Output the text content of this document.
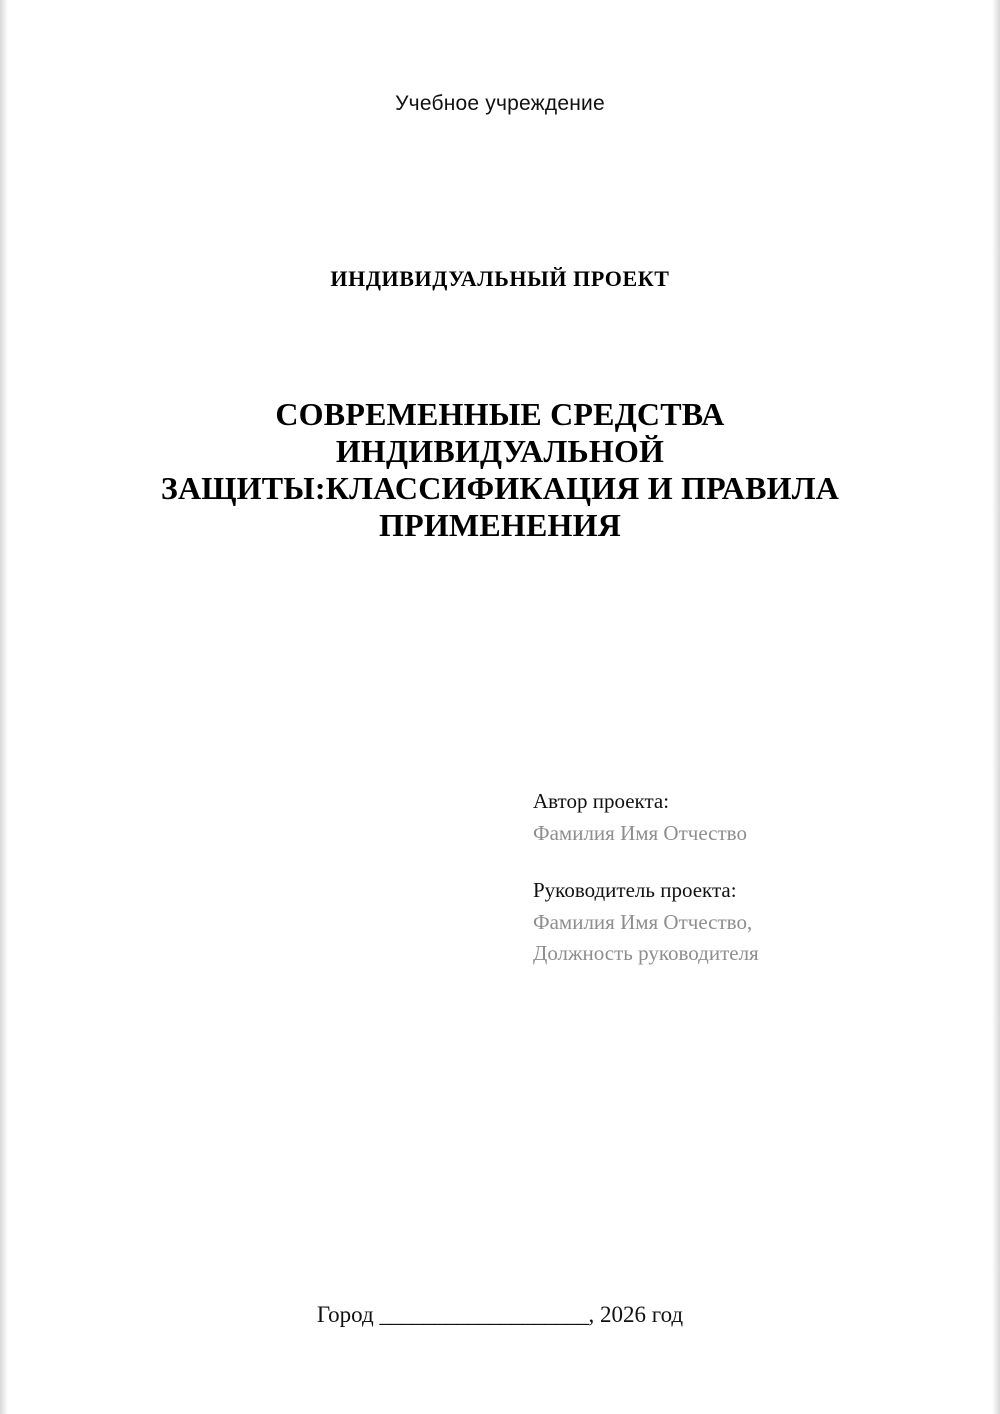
Учебное учреждение
ИНДИВИДУАЛЬНЫЙ ПРОЕКТ
СОВРЕМЕННЫЕ СРЕДСТВА ИНДИВИДУАЛЬНОЙ ЗАЩИТЫ:КЛАССИФИКАЦИЯ И ПРАВИЛА ПРИМЕНЕНИЯ
Автор проекта:
Фамилия Имя Отчество
Руководитель проекта:
Фамилия Имя Отчество,
Должность руководителя
Город ___________________, 2026 год
